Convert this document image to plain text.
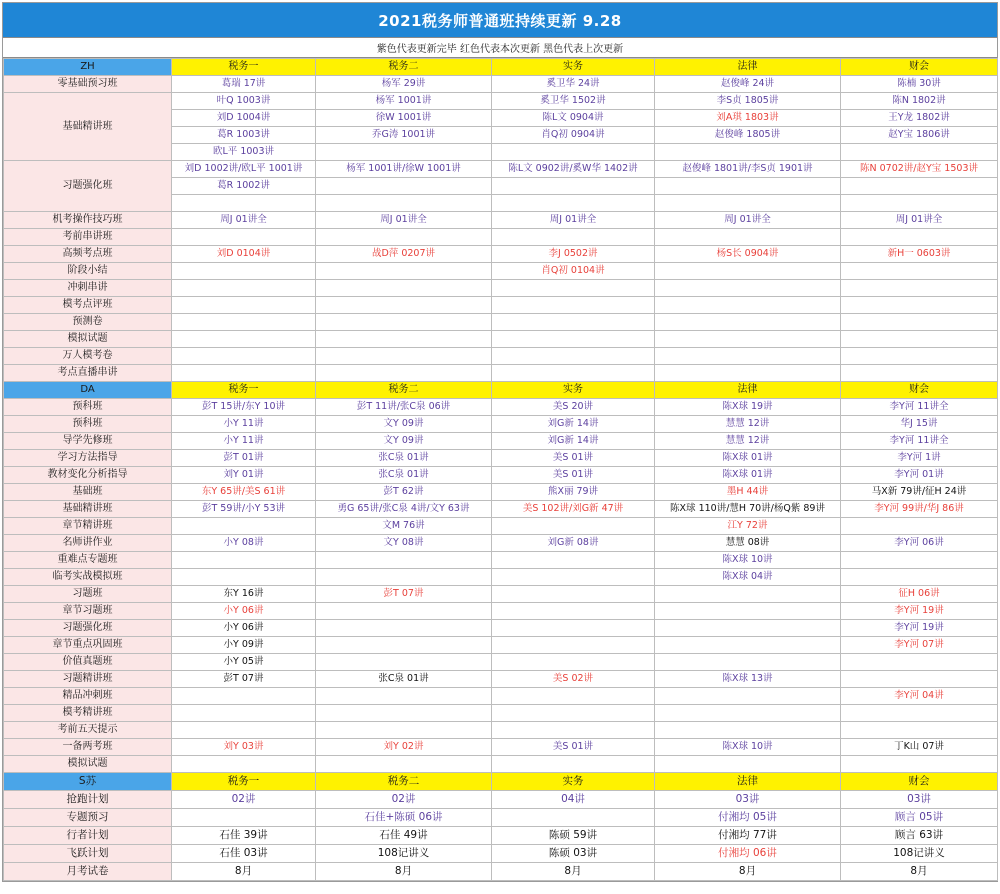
2021税务师普通班持续更新 9.28
紫色代表更新完毕 红色代表本次更新 黑色代表上次更新
ZH	税务一	税务二	实务	法律	财会
零基础预习班	葛瑞 17讲	杨军 29讲	奚卫华 24讲	赵俊峰 24讲	陈楠 30讲
基础精讲班	叶Q 1003讲	杨军 1001讲	奚卫华 1502讲	李S贞 1805讲	陈N 1802讲
	刘D 1004讲	徐W 1001讲	陈L文 0904讲	刘A琪 1803讲	王Y龙 1802讲
	葛R 1003讲	乔G涛 1001讲	肖Q初 0904讲	赵俊峰 1805讲	赵Y宝 1806讲
	欧L平 1003讲				
习题强化班	刘D 1002讲/欧L平 1001讲	杨军 1001讲/徐W 1001讲	陈L文 0902讲/奚W华 1402讲	赵俊峰 1801讲/李S贞 1901讲	陈N 0702讲/赵Y宝 1503讲
	葛R 1002讲				

机考操作技巧班	周J 01讲全	周J 01讲全	周J 01讲全	周J 01讲全	周J 01讲全
考前串讲班					
高频考点班	刘D 0104讲	战D萍 0207讲	李J 0502讲	杨S长 0904讲	新H一 0603讲
阶段小结			肖Q初 0104讲		
冲刺串讲					
模考点评班					
预测卷					
模拟试题					
万人模考卷					
考点直播串讲					
DA	税务一	税务二	实务	法律	财会
预科班	彭T 15讲/东Y 10讲	彭T 11讲/张C泉 06讲	美S 20讲	陈X球 19讲	李Y河 11讲全
预科班	小Y 11讲	文Y 09讲	刘G新 14讲	慧慧 12讲	华J 15讲
导学先修班	小Y 11讲	文Y 09讲	刘G新 14讲	慧慧 12讲	李Y河 11讲全
学习方法指导	彭T 01讲	张C泉 01讲	美S 01讲	陈X球 01讲	李Y河 1讲
教材变化分析指导	刘Y 01讲	张C泉 01讲	美S 01讲	陈X球 01讲	李Y河 01讲
基础班	东Y 65讲/美S 61讲	彭T 62讲	熊X丽 79讲	墨H 44讲	马X新 79讲/征H 24讲
基础精讲班	彭T 59讲/小Y 53讲	勇G 65讲/张C泉 4讲/文Y 63讲	美S 102讲/刘G新 47讲	陈X球 110讲/慧H 70讲/杨Q紫 89讲	李Y河 99讲/华J 86讲
章节精讲班		文M 76讲		江Y 72讲	
名师讲作业	小Y 08讲	文Y 08讲	刘G新 08讲	慧慧 08讲	李Y河 06讲
重难点专题班				陈X球 10讲	
临考实战模拟班				陈X球 04讲	
习题班	东Y 16讲	彭T 07讲			征H 06讲
章节习题班	小Y 06讲				李Y河 19讲
习题强化班	小Y 06讲				李Y河 19讲
章节重点巩固班	小Y 09讲				李Y河 07讲
价值真题班	小Y 05讲				
习题精讲班	彭T 07讲	张C泉 01讲	美S 02讲	陈X球 13讲	
精品冲刺班					李Y河 04讲
模考精讲班					
考前五天提示					
一备两考班	刘Y 03讲	刘Y 02讲	美S 01讲	陈X球 10讲	丁K山 07讲
模拟试题					
S苏	税务一	税务二	实务	法律	财会
抢跑计划	02讲	02讲	04讲	03讲	03讲
专题预习		石佳+陈硕 06讲		付湘均 05讲	顾言 05讲
行者计划	石佳 39讲	石佳 49讲	陈硕 59讲	付湘均 77讲	顾言 63讲
飞跃计划	石佳 03讲	108记讲义	陈硕 03讲	付湘均 06讲	108记讲义
月考试卷	8月	8月	8月	8月	8月
